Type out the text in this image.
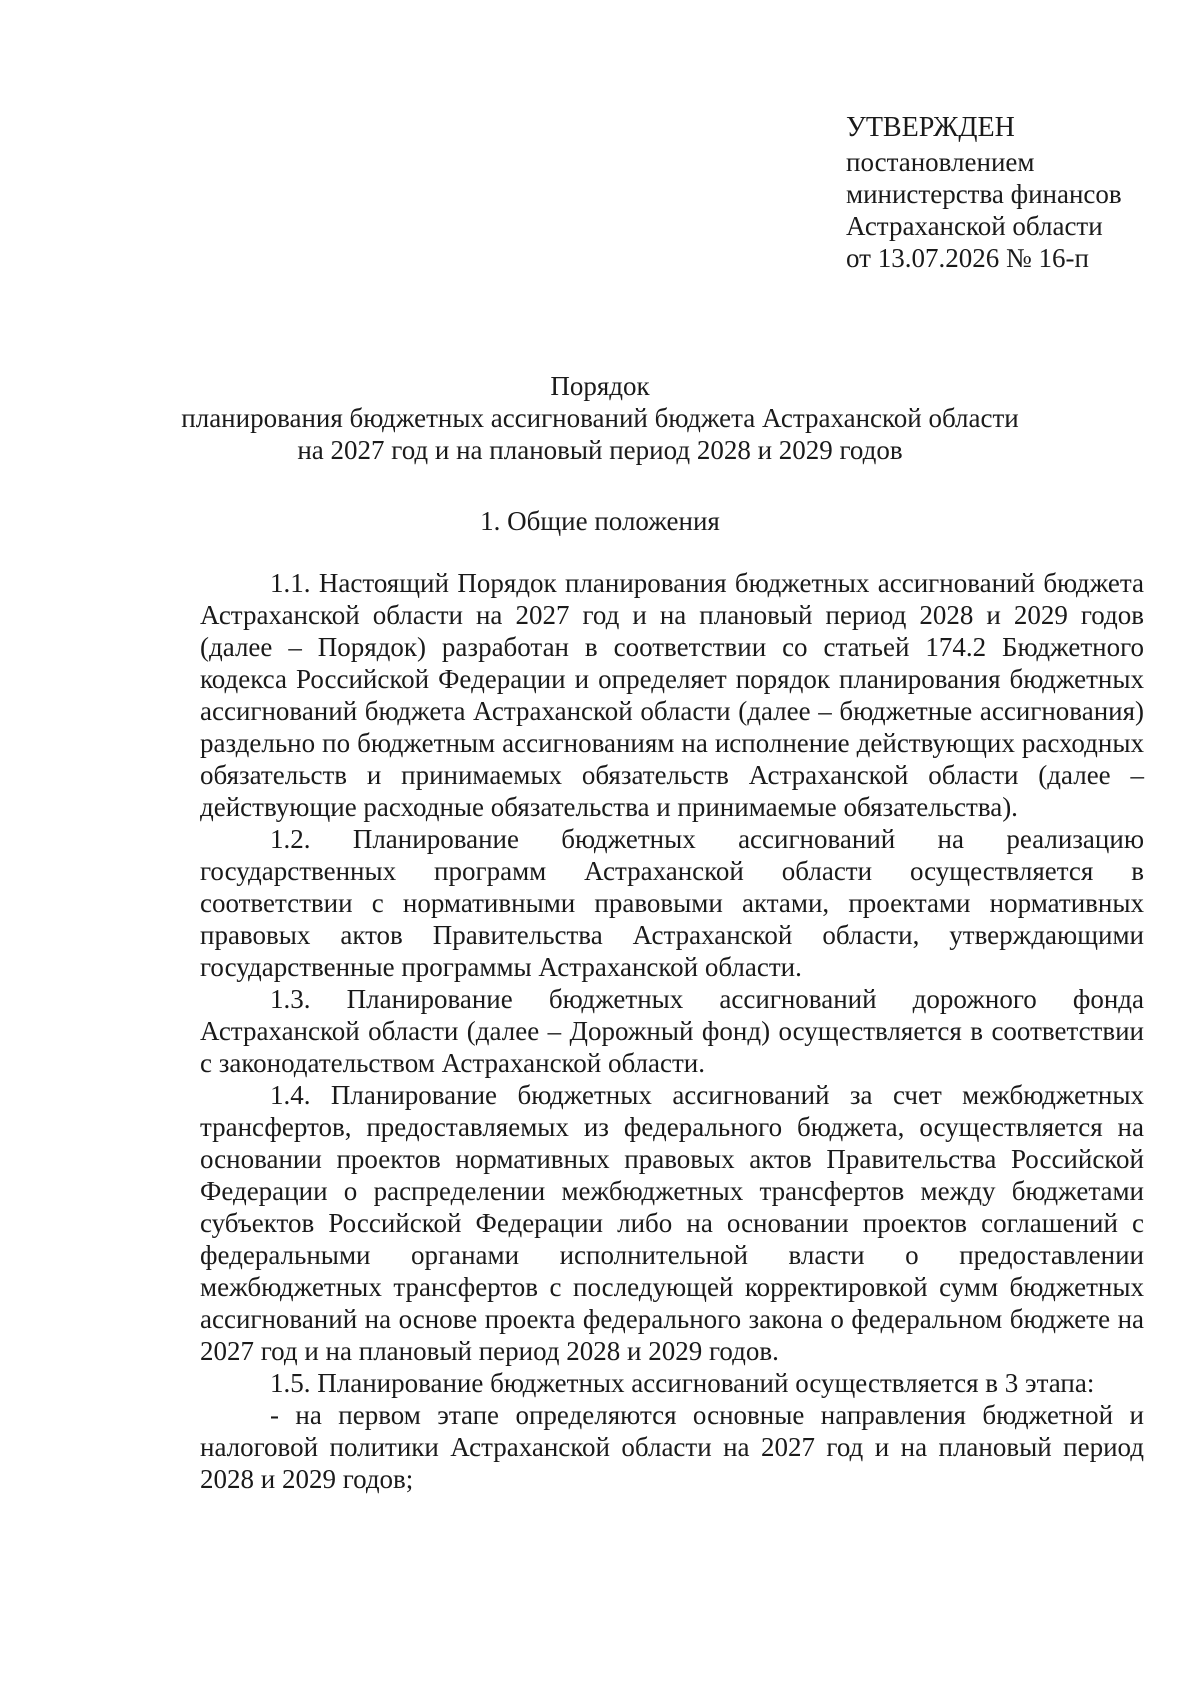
УТВЕРЖДЕН
постановлением
министерства финансов
Астраханской области
от 13.07.2026 № 16-п
Порядок
планирования бюджетных ассигнований бюджета Астраханской области
на 2027 год и на плановый период 2028 и 2029 годов
1. Общие положения

1.1. Настоящий Порядок планирования бюджетных ассигнований бюджета Астраханской области на 2027 год и на плановый период 2028 и 2029 годов (далее – Порядок) разработан в соответствии со статьей 174.2 Бюджетного кодекса Российской Федерации и определяет порядок планирования бюджетных ассигнований бюджета Астраханской области (далее – бюджетные ассигнования) раздельно по бюджетным ассигнованиям на исполнение действующих расходных обязательств и принимаемых обязательств Астраханской области (далее – действующие расходные обязательства и принимаемые обязательства).

1.2. Планирование бюджетных ассигнований на реализацию государственных программ Астраханской области осуществляется в соответствии с нормативными правовыми актами, проектами нормативных правовых актов Правительства Астраханской области, утверждающими государственные программы Астраханской области.

1.3. Планирование бюджетных ассигнований дорожного фонда Астраханской области (далее – Дорожный фонд) осуществляется в соответствии с законодательством Астраханской области.

1.4. Планирование бюджетных ассигнований за счет межбюджетных трансфертов, предоставляемых из федерального бюджета, осуществляется на основании проектов нормативных правовых актов Правительства Российской Федерации о распределении межбюджетных трансфертов между бюджетами субъектов Российской Федерации либо на основании проектов соглашений с федеральными органами исполнительной власти о предоставлении межбюджетных трансфертов с последующей корректировкой сумм бюджетных ассигнований на основе проекта федерального закона о федеральном бюджете на 2027 год и на плановый период 2028 и 2029 годов.

1.5. Планирование бюджетных ассигнований осуществляется в 3 этапа:

- на первом этапе определяются основные направления бюджетной и налоговой политики Астраханской области на 2027 год и на плановый период 2028 и 2029 годов;
